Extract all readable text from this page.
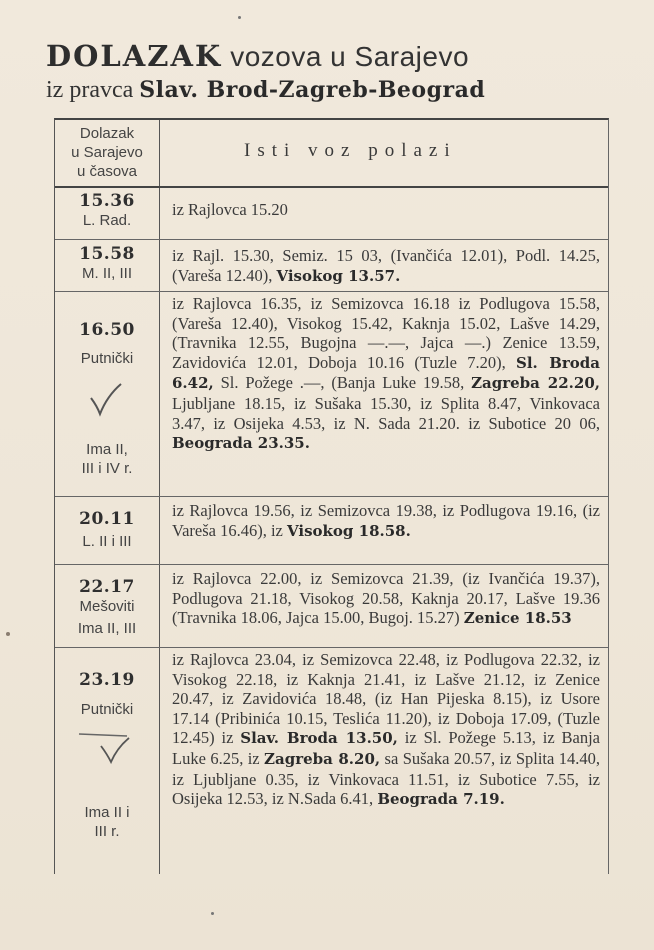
DOLAZAK vozova u Sarajevo
iz pravca Slav. Brod-Zagreb-Beograd
Dolazak
u Sarajevo
u časova
Isti voz polazi
15.36
L. Rad.
iz Rajlovca 15.20
15.58
M. II, III
iz Rajl. 15.30, Semiz. 15 03, (Ivančića 12.01), Podl. 14.25, (Vareša 12.40), Visokog 13.57.
16.50
Putnički
Ima II,
III i IV r.
iz Rajlovca 16.35, iz Semizovca 16.18 iz Podlugova 15.58, (Vareša 12.40), Visokog 15.42, Kaknja 15.02, Lašve 14.29, (Travnika 12.55, Bugojna —.—, Jajca —.) Zenice 13.59, Zavidovića 12.01, Doboja 10.16 (Tuzle 7.20), Sl. Broda 6.42, Sl. Požege .—, (Banja Luke 19.58, Zagreba 22.20, Ljubljane 18.15, iz Sušaka 15.30, iz Splita 8.47, Vinkovaca 3.47, iz Osijeka 4.53, iz N. Sada 21.20. iz Subotice 20 06, Beograda 23.35.
20.11
L. II i III
iz Rajlovca 19.56, iz Semizovca 19.38, iz Podlugova 19.16, (iz Vareša 16.46), iz Visokog 18.58.
22.17
Mešoviti
Ima II, III
iz Rajlovca 22.00, iz Semizovca 21.39, (iz Ivančića 19.37), Podlugova 21.18, Visokog 20.58, Kaknja 20.17, Lašve 19.36 (Travnika 18.06, Jajca 15.00, Bugoj. 15.27) Zenice 18.53
23.19
Putnički
Ima II i
III r.
iz Rajlovca 23.04, iz Semizovca 22.48, iz Podlugova 22.32, iz Visokog 22.18, iz Kaknja 21.41, iz Lašve 21.12, iz Zenice 20.47, iz Zavidovića 18.48, (iz Han Pijeska 8.15), iz Usore 17.14 (Pribinića 10.15, Teslića 11.20), iz Doboja 17.09, (Tuzle 12.45) iz Slav. Broda 13.50, iz Sl. Požege 5.13, iz Banja Luke 6.25, iz Zagreba 8.20, sa Sušaka 20.57, iz Splita 14.40, iz Ljubljane 0.35, iz Vinkovaca 11.51, iz Subotice 7.55, iz Osijeka 12.53, iz N.Sada 6.41, Beograda 7.19.
